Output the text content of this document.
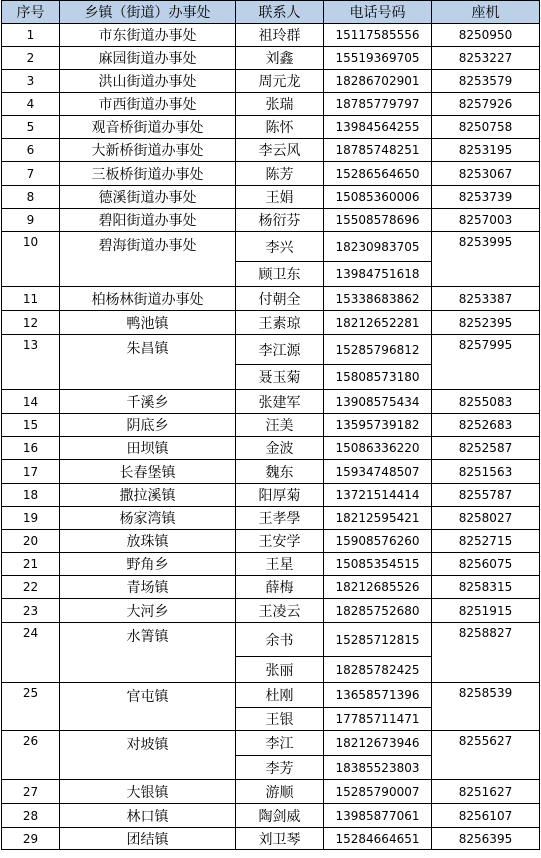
序号	乡镇（街道）办事处	联系人	电话号码	座机
1	市东街道办事处	祖玲群	15117585556	8250950
2	麻园街道办事处	刘鑫	15519369705	8253227
3	洪山街道办事处	周元龙	18286702901	8253579
4	市西街道办事处	张瑞	18785779797	8257926
5	观音桥街道办事处	陈怀	13984564255	8250758
6	大新桥街道办事处	李云风	18785748251	8253195
7	三板桥街道办事处	陈芳	15286564650	8253067
8	德溪街道办事处	王娟	15085360006	8253739
9	碧阳街道办事处	杨衍芬	15508578696	8257003
10	碧海街道办事处	李兴	18230983705	8253995
		顾卫东	13984751618	
11	柏杨林街道办事处	付朝全	15338683862	8253387
12	鸭池镇	王素琼	18212652281	8252395
13	朱昌镇	李江源	15285796812	8257995
		聂玉菊	15808573180	
14	千溪乡	张建军	13908575434	8255083
15	阴底乡	汪美	13595739182	8252683
16	田坝镇	金波	15086336220	8252587
17	长春堡镇	魏东	15934748507	8251563
18	撒拉溪镇	阳厚菊	13721514414	8255787
19	杨家湾镇	王孝學	18212595421	8258027
20	放珠镇	王安学	15908576260	8252715
21	野角乡	王星	15085354515	8256075
22	青场镇	薛梅	18212685526	8258315
23	大河乡	王凌云	18285752680	8251915
24	水箐镇	余书	15285712815	8258827
		张丽	18285782425	
25	官屯镇	杜刚	13658571396	8258539
		王银	17785711471	
26	对坡镇	李江	18212673946	8255627
		李芳	18385523803	
27	大银镇	游顺	15285790007	8251627
28	林口镇	陶剑威	13985877061	8256107
29	团结镇	刘卫琴	15284664651	8256395
